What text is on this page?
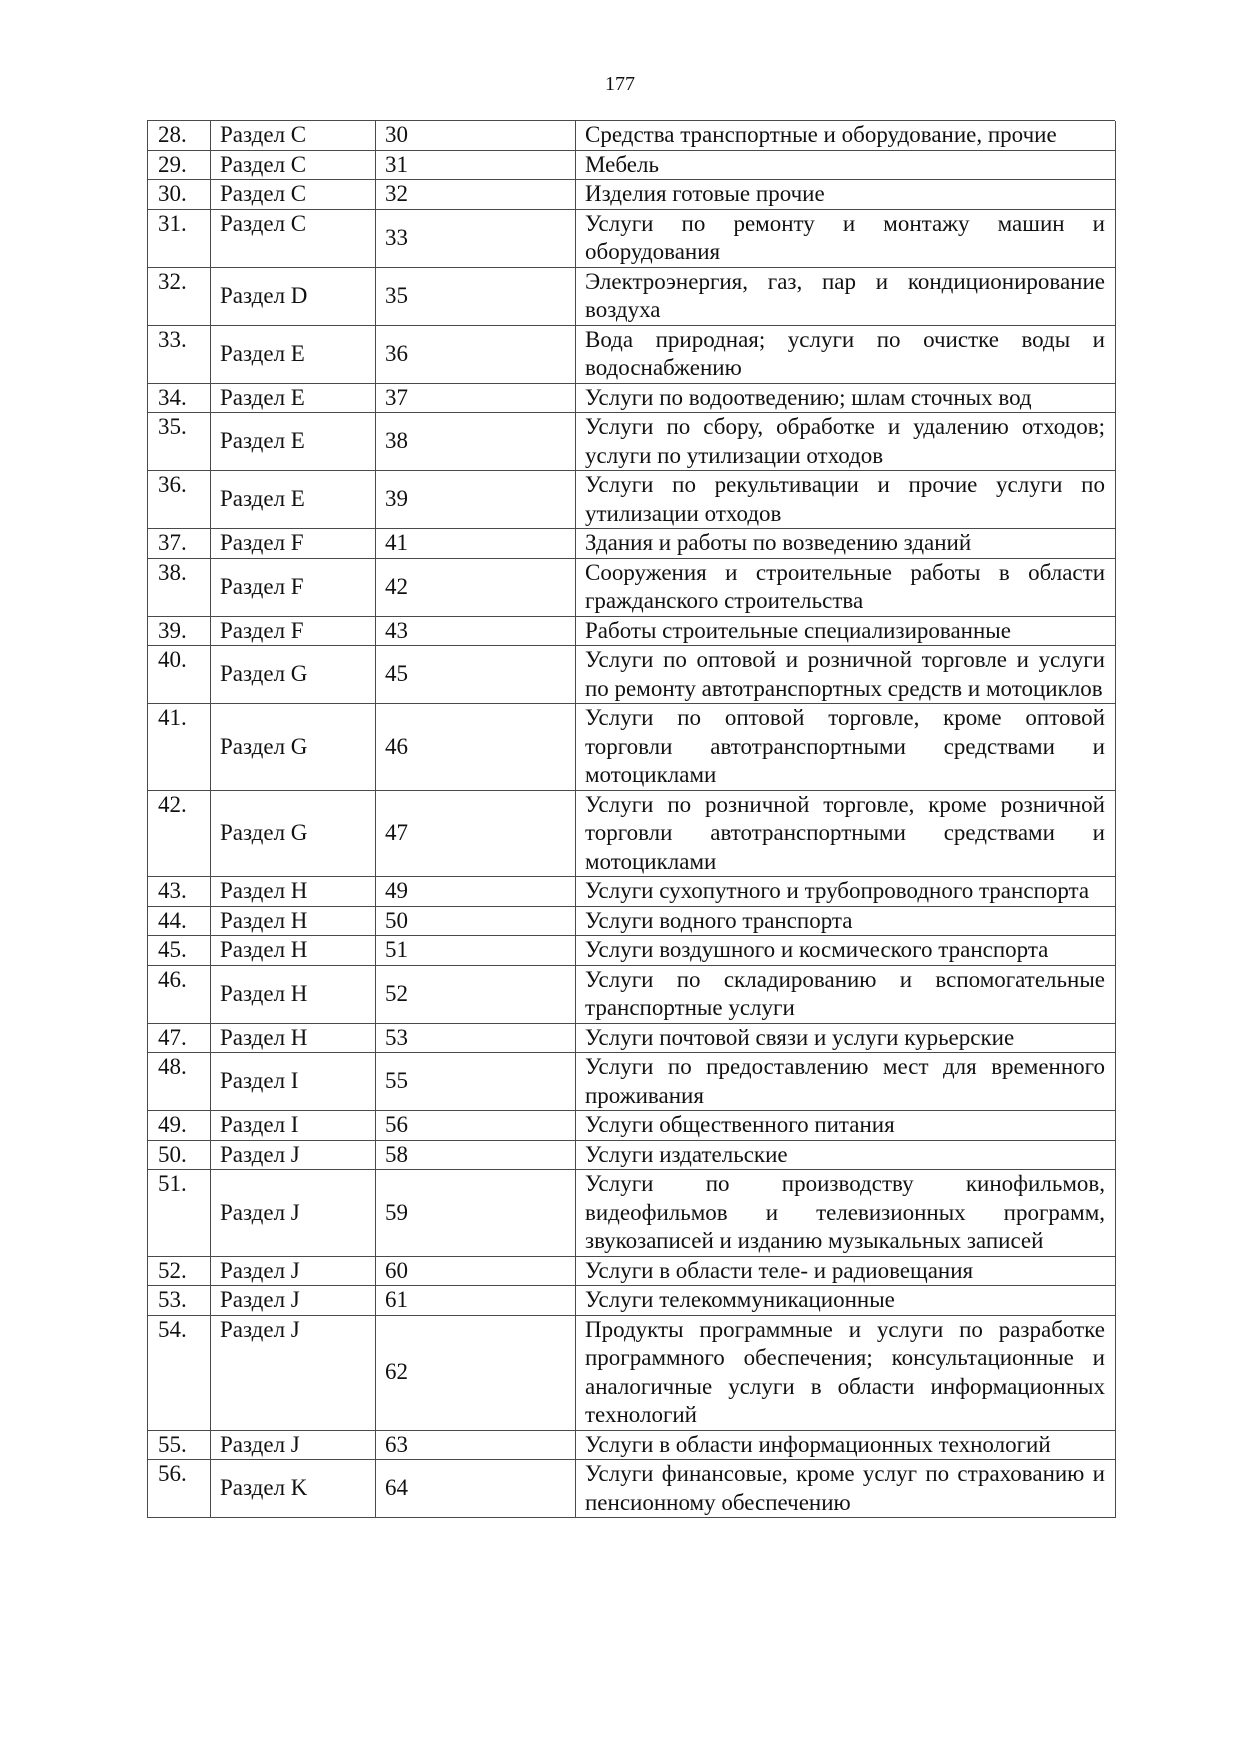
177
28.	Раздел С	30	Средства транспортные и оборудование, прочие
29.	Раздел С	31	Мебель
30.	Раздел С	32	Изделия готовые прочие
31.	Раздел С	33	Услуги по ремонту и монтажу машин и оборудования
32.	Раздел D	35	Электроэнергия, газ, пар и кондиционирование воздуха
33.	Раздел Е	36	Вода природная; услуги по очистке воды и водоснабжению
34.	Раздел Е	37	Услуги по водоотведению; шлам сточных вод
35.	Раздел Е	38	Услуги по сбору, обработке и удалению отходов; услуги по утилизации отходов
36.	Раздел Е	39	Услуги по рекультивации и прочие услуги по утилизации отходов
37.	Раздел F	41	Здания и работы по возведению зданий
38.	Раздел F	42	Сооружения и строительные работы в области гражданского строительства
39.	Раздел F	43	Работы строительные специализированные
40.	Раздел G	45	Услуги по оптовой и розничной торговле и услуги по ремонту автотранспортных средств и мотоциклов
41.	Раздел G	46	Услуги по оптовой торговле, кроме оптовой торговли автотранспортными средствами и мотоциклами
42.	Раздел G	47	Услуги по розничной торговле, кроме розничной торговли автотранспортными средствами и мотоциклами
43.	Раздел Н	49	Услуги сухопутного и трубопроводного транспорта
44.	Раздел Н	50	Услуги водного транспорта
45.	Раздел Н	51	Услуги воздушного и космического транспорта
46.	Раздел Н	52	Услуги по складированию и вспомогательные транспортные услуги
47.	Раздел Н	53	Услуги почтовой связи и услуги курьерские
48.	Раздел I	55	Услуги по предоставлению мест для временного проживания
49.	Раздел I	56	Услуги общественного питания
50.	Раздел J	58	Услуги издательские
51.	Раздел J	59	Услуги по производству кинофильмов, видеофильмов и телевизионных программ, звукозаписей и изданию музыкальных записей
52.	Раздел J	60	Услуги в области теле- и радиовещания
53.	Раздел J	61	Услуги телекоммуникационные
54.	Раздел J	62	Продукты программные и услуги по разработке программного обеспечения; консультационные и аналогичные услуги в области информационных технологий
55.	Раздел J	63	Услуги в области информационных технологий
56.	Раздел K	64	Услуги финансовые, кроме услуг по страхованию и пенсионному обеспечению
